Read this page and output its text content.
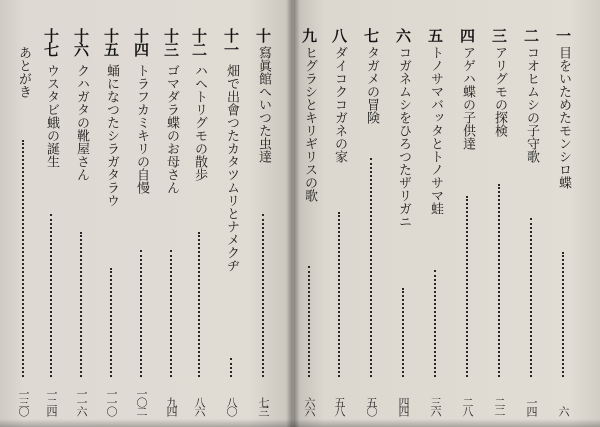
一
目をいためたモンシロ蝶
六
二
コオヒムシの子守歌
一四
三
アリグモの探検
二二
四
アゲハ蝶の子供達
二八
五
トノサマバッタとトノサマ蛙
三六
六
コガネムシをひろつたザリガニ
四四
七
タガメの冒険
五〇
八
ダイコクコガネの家
五八
九
ヒグラシとキリギリスの歌
六六
十
寫眞館へいつた虫達
七三
十一
畑で出會つたカタツムリとナメクヂ
八〇
十二
ハヘトリグモの散歩
八六
十三
ゴマダラ蝶のお母さん
九四
十四
トラフカミキリの自慢
一〇二
十五
蛹になつたシラガタラウ
一一〇
十六
クハガタの靴屋さん
一一六
十七
ウスタビ蛾の誕生
一二四
あとがき
一三〇
